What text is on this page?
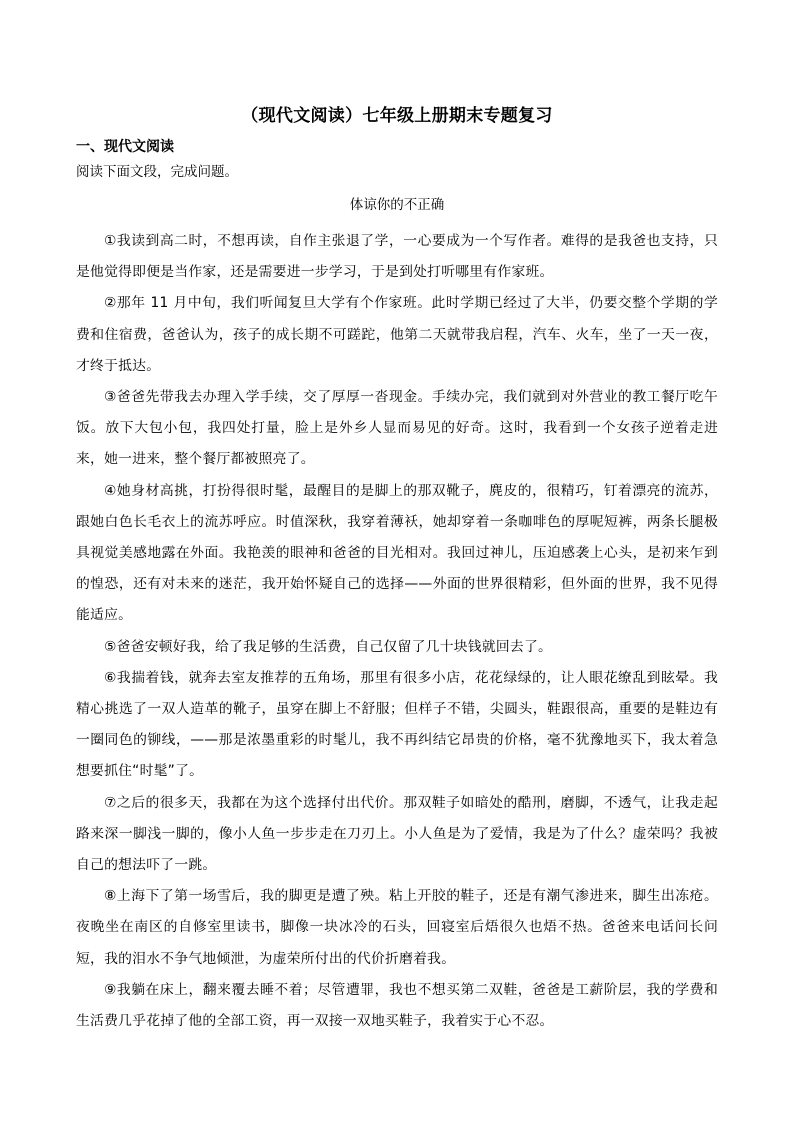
（现代文阅读）七年级上册期末专题复习
一、现代文阅读
阅读下面文段，完成问题。
体谅你的不正确

①我读到高二时，不想再读，自作主张退了学，一心要成为一个写作者。难得的是我爸也支持，只是他觉得即便是当作家，还是需要进一步学习，于是到处打听哪里有作家班。

②那年 11 月中旬，我们听闻复旦大学有个作家班。此时学期已经过了大半，仍要交整个学期的学费和住宿费，爸爸认为，孩子的成长期不可蹉跎，他第二天就带我启程，汽车、火车，坐了一天一夜，才终于抵达。

③爸爸先带我去办理入学手续，交了厚厚一沓现金。手续办完，我们就到对外营业的教工餐厅吃午饭。放下大包小包，我四处打量，脸上是外乡人显而易见的好奇。这时，我看到一个女孩子逆着走进来，她一进来，整个餐厅都被照亮了。

④她身材高挑，打扮得很时髦，最醒目的是脚上的那双靴子，麂皮的，很精巧，钉着漂亮的流苏，跟她白色长毛衣上的流苏呼应。时值深秋，我穿着薄袄，她却穿着一条咖啡色的厚呢短裤，两条长腿极具视觉美感地露在外面。我艳羡的眼神和爸爸的目光相对。我回过神儿，压迫感袭上心头，是初来乍到的惶恐，还有对未来的迷茫，我开始怀疑自己的选择——外面的世界很精彩，但外面的世界，我不见得能适应。

⑤爸爸安顿好我，给了我足够的生活费，自己仅留了几十块钱就回去了。

⑥我揣着钱，就奔去室友推荐的五角场，那里有很多小店，花花绿绿的，让人眼花缭乱到眩晕。我精心挑选了一双人造革的靴子，虽穿在脚上不舒服；但样子不错，尖圆头，鞋跟很高，重要的是鞋边有一圈同色的铆线，——那是浓墨重彩的时髦儿，我不再纠结它昂贵的价格，毫不犹豫地买下，我太着急想要抓住“时髦”了。

⑦之后的很多天，我都在为这个选择付出代价。那双鞋子如暗处的酷刑，磨脚，不透气，让我走起路来深一脚浅一脚的，像小人鱼一步步走在刀刃上。小人鱼是为了爱情，我是为了什么？虚荣吗？我被自己的想法吓了一跳。

⑧上海下了第一场雪后，我的脚更是遭了殃。粘上开胶的鞋子，还是有潮气渗进来，脚生出冻疮。夜晚坐在南区的自修室里读书，脚像一块冰冷的石头，回寝室后焐很久也焐不热。爸爸来电话问长问短，我的泪水不争气地倾泄，为虚荣所付出的代价折磨着我。

⑨我躺在床上，翻来覆去睡不着；尽管遭罪，我也不想买第二双鞋，爸爸是工薪阶层，我的学费和生活费几乎花掉了他的全部工资，再一双接一双地买鞋子，我着实于心不忍。
